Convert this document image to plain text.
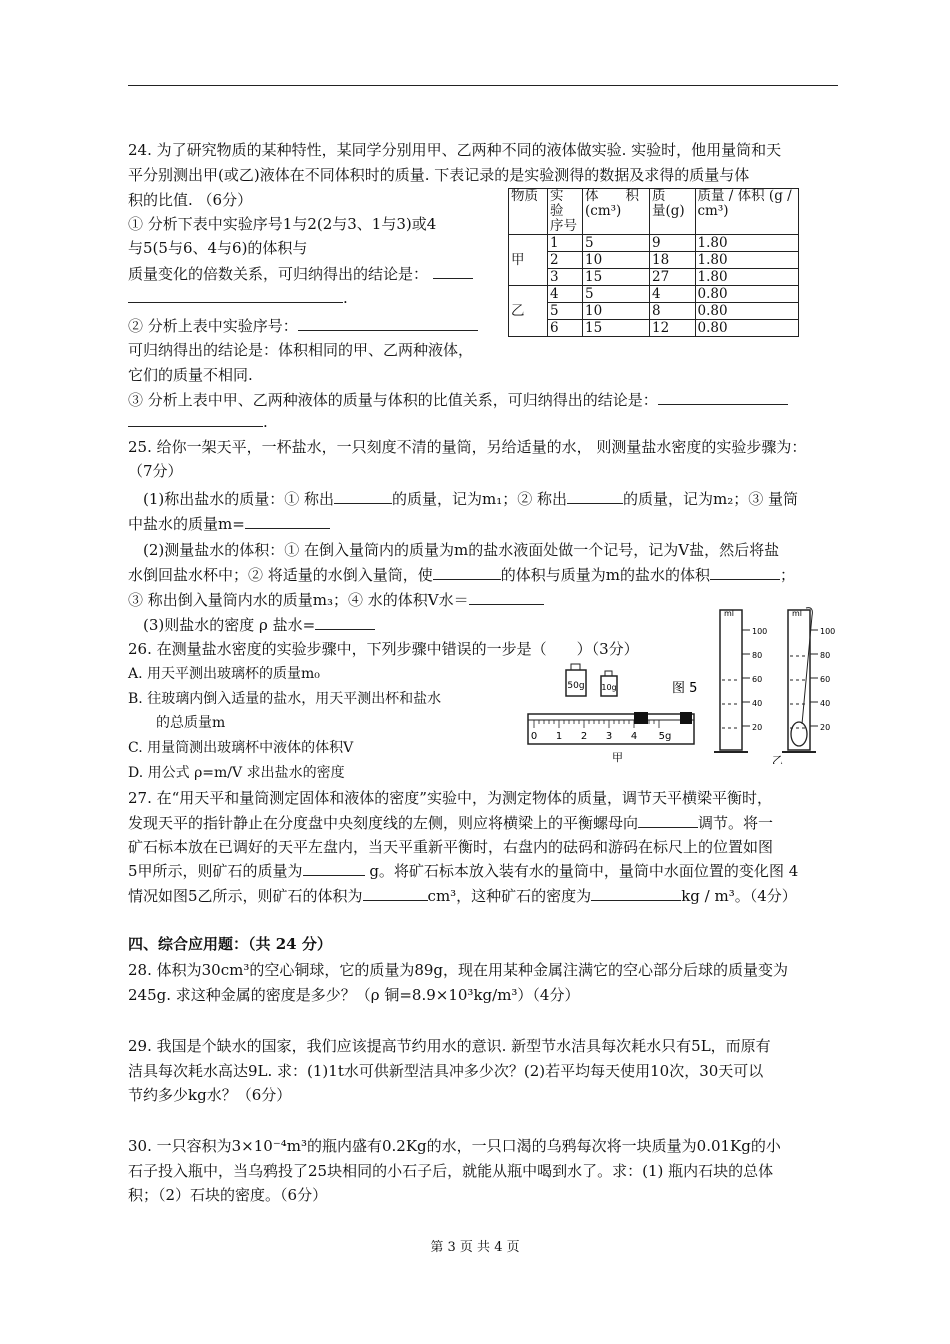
24. 为了研究物质的某种特性，某同学分别用甲、乙两种不同的液体做实验. 实验时，他用量筒和天
平分别测出甲(或乙)液体在不同体积时的质量. 下表记录的是实验测得的数据及求得的质量与体
积的比值. （6分）
① 分析下表中实验序号1与2(2与3、1与3)或4
与5(5与6、4与6)的体积与
质量变化的倍数关系，可归纳得出的结论是：
.
② 分析上表中实验序号：
可归纳得出的结论是：体积相同的甲、乙两种液体，
它们的质量不相同.
③ 分析上表中甲、乙两种液体的质量与体积的比值关系，可归纳得出的结论是：
.
物质	实 验 序号	体　　积(cm³)	质　　量(g)	质量 / 体积 (g / cm³)
甲	1	5	9	1.80
	2	10	18	1.80
	3	15	27	1.80
乙	4	5	4	0.80
	5	10	8	0.80
	6	15	12	0.80
25. 给你一架天平，一杯盐水，一只刻度不清的量筒，另给适量的水， 则测量盐水密度的实验步骤为：
（7分）
　(1)称出盐水的质量：① 称出	的质量，记为m₁；② 称出	的质量，记为m₂；③ 量筒
中盐水的质量m=
　(2)测量盐水的体积：① 在倒入量筒内的质量为m的盐水液面处做一个记号，记为V盐，然后将盐
水倒回盐水杯中；② 将适量的水倒入量筒，使	的体积与质量为m的盐水的体积	；
③ 称出倒入量筒内水的质量m₃；④ 水的体积V水＝
　(3)则盐水的密度 ρ 盐水=
26. 在测量盐水密度的实验步骤中，下列步骤中错误的一步是（　　）（3分）
A. 用天平测出玻璃杯的质量m₀
B. 往玻璃内倒入适量的盐水，用天平测出杯和盐水
　　的总质量m
C. 用量筒测出玻璃杯中液体的体积V
D. 用公式 ρ=m/V 求出盐水的密度
50g 10g	图 5
0 1 2 3 4 5g
甲
ml
100
80
60
40
20
ml
100
80
60
40
20
乙
27. 在“用天平和量筒测定固体和液体的密度”实验中，为测定物体的质量，调节天平横梁平衡时，
发现天平的指针静止在分度盘中央刻度线的左侧，则应将横梁上的平衡螺母向	调节。将一
矿石标本放在已调好的天平左盘内，当天平重新平衡时，右盘内的砝码和游码在标尺上的位置如图
5甲所示，则矿石的质量为	g。将矿石标本放入装有水的量筒中，量筒中水面位置的变化图 4
情况如图5乙所示，则矿石的体积为	cm³，这种矿石的密度为	kg / m³。（4分）
四、综合应用题：（共 24 分）
28. 体积为30cm³的空心铜球，它的质量为89g，现在用某种金属注满它的空心部分后球的质量变为
245g. 求这种金属的密度是多少？（ρ 铜=8.9×10³kg/m³）（4分）
29. 我国是个缺水的国家，我们应该提高节约用水的意识. 新型节水洁具每次耗水只有5L，而原有
洁具每次耗水高达9L. 求：(1)1t水可供新型洁具冲多少次？(2)若平均每天使用10次，30天可以
节约多少kg水？（6分）
30. 一只容积为3×10⁻⁴m³的瓶内盛有0.2Kg的水，一只口渴的乌鸦每次将一块质量为0.01Kg的小
石子投入瓶中，当乌鸦投了25块相同的小石子后，就能从瓶中喝到水了。求：(1) 瓶内石块的总体
积；（2）石块的密度。（6分）
第 3 页 共 4 页
